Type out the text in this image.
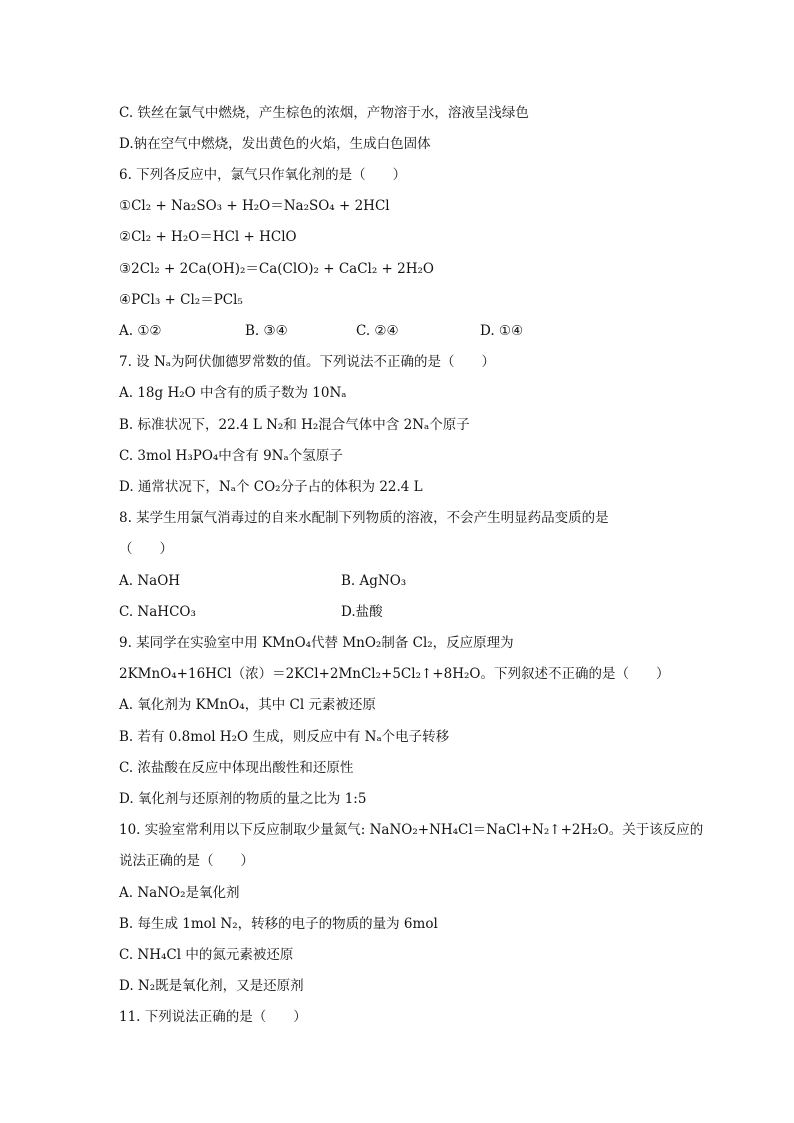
C. 铁丝在氯气中燃烧，产生棕色的浓烟，产物溶于水，溶液呈浅绿色
D.钠在空气中燃烧，发出黄色的火焰，生成白色固体
6. 下列各反应中，氯气只作氧化剂的是（　　）
①Cl₂ + Na₂SO₃ + H₂O＝Na₂SO₄ + 2HCl
②Cl₂ + H₂O＝HCl + HClO
③2Cl₂ + 2Ca(OH)₂＝Ca(ClO)₂ + CaCl₂ + 2H₂O
④PCl₃ + Cl₂＝PCl₅
A. ①②	B. ③④	C. ②④	D. ①④
7. 设 Nₐ为阿伏伽德罗常数的值。下列说法不正确的是（　　）
A. 18g H₂O 中含有的质子数为 10Nₐ
B. 标准状况下，22.4 L N₂和 H₂混合气体中含 2Nₐ个原子
C. 3mol H₃PO₄中含有 9Nₐ个氢原子
D. 通常状况下，Nₐ个 CO₂分子占的体积为 22.4 L
8. 某学生用氯气消毒过的自来水配制下列物质的溶液，不会产生明显药品变质的是
（　　）
A. NaOH	B. AgNO₃
C. NaHCO₃	D.盐酸
9. 某同学在实验室中用 KMnO₄代替 MnO₂制备 Cl₂，反应原理为
2KMnO₄+16HCl（浓）＝2KCl+2MnCl₂+5Cl₂↑+8H₂O。下列叙述不正确的是（　　）
A. 氧化剂为 KMnO₄，其中 Cl 元素被还原
B. 若有 0.8mol H₂O 生成，则反应中有 Nₐ个电子转移
C. 浓盐酸在反应中体现出酸性和还原性
D. 氧化剂与还原剂的物质的量之比为 1:5
10. 实验室常利用以下反应制取少量氮气: NaNO₂+NH₄Cl＝NaCl+N₂↑+2H₂O。关于该反应的
说法正确的是（　　）
A. NaNO₂是氧化剂
B. 每生成 1mol N₂，转移的电子的物质的量为 6mol
C. NH₄Cl 中的氮元素被还原
D. N₂既是氧化剂，又是还原剂
11. 下列说法正确的是（　　）
